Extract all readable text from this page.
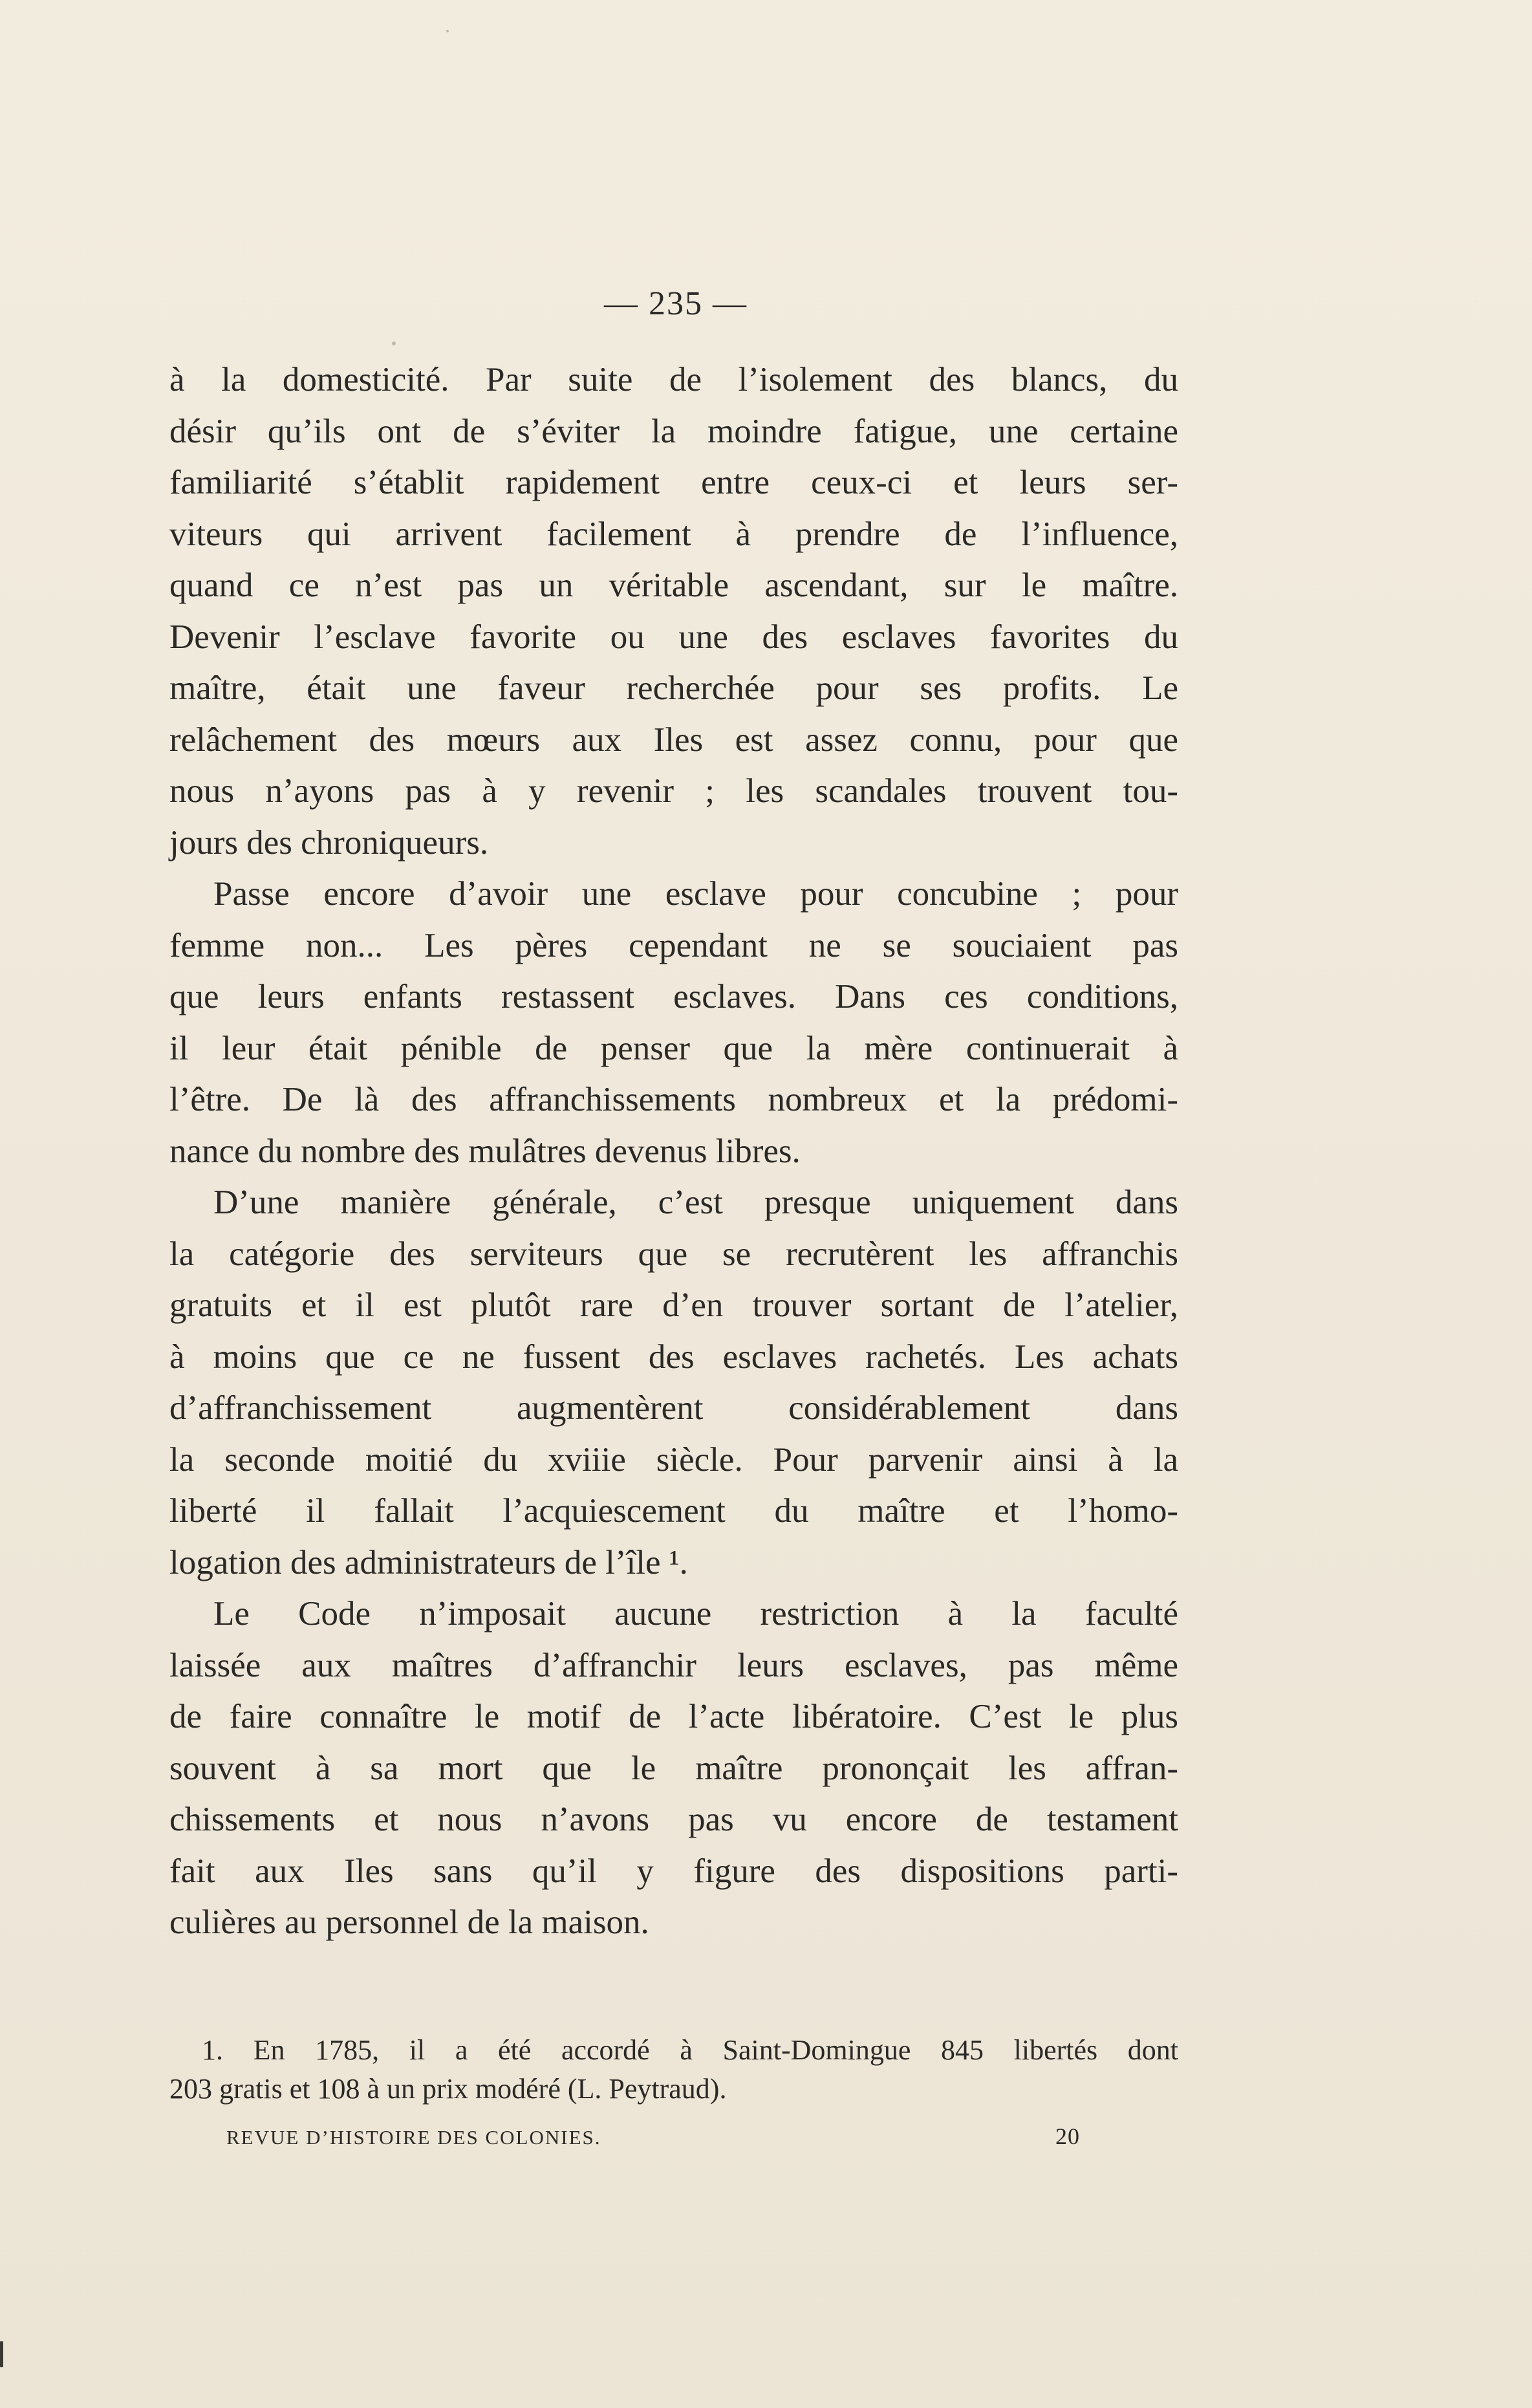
— 235 —
à la domesticité. Par suite de l’isolement des blancs, du
désir qu’ils ont de s’éviter la moindre fatigue, une certaine
familiarité s’établit rapidement entre ceux-ci et leurs ser-
viteurs qui arrivent facilement à prendre de l’influence,
quand ce n’est pas un véritable ascendant, sur le maître.
Devenir l’esclave favorite ou une des esclaves favorites du
maître, était une faveur recherchée pour ses profits. Le
relâchement des mœurs aux Iles est assez connu, pour que
nous n’ayons pas à y revenir ; les scandales trouvent tou-
jours des chroniqueurs.
Passe encore d’avoir une esclave pour concubine ; pour
femme non... Les pères cependant ne se souciaient pas
que leurs enfants restassent esclaves. Dans ces conditions,
il leur était pénible de penser que la mère continuerait à
l’être. De là des affranchissements nombreux et la prédomi-
nance du nombre des mulâtres devenus libres.
D’une manière générale, c’est presque uniquement dans
la catégorie des serviteurs que se recrutèrent les affranchis
gratuits et il est plutôt rare d’en trouver sortant de l’atelier,
à moins que ce ne fussent des esclaves rachetés. Les achats
d’affranchissement augmentèrent considérablement dans
la seconde moitié du xviiie siècle. Pour parvenir ainsi à la
liberté il fallait l’acquiescement du maître et l’homo-
logation des administrateurs de l’île ¹.
Le Code n’imposait aucune restriction à la faculté
laissée aux maîtres d’affranchir leurs esclaves, pas même
de faire connaître le motif de l’acte libératoire. C’est le plus
souvent à sa mort que le maître prononçait les affran-
chissements et nous n’avons pas vu encore de testament
fait aux Iles sans qu’il y figure des dispositions parti-
culières au personnel de la maison.
1. En 1785, il a été accordé à Saint-Domingue 845 libertés dont
203 gratis et 108 à un prix modéré (L. Peytraud).
REVUE D’HISTOIRE DES COLONIES.	20
